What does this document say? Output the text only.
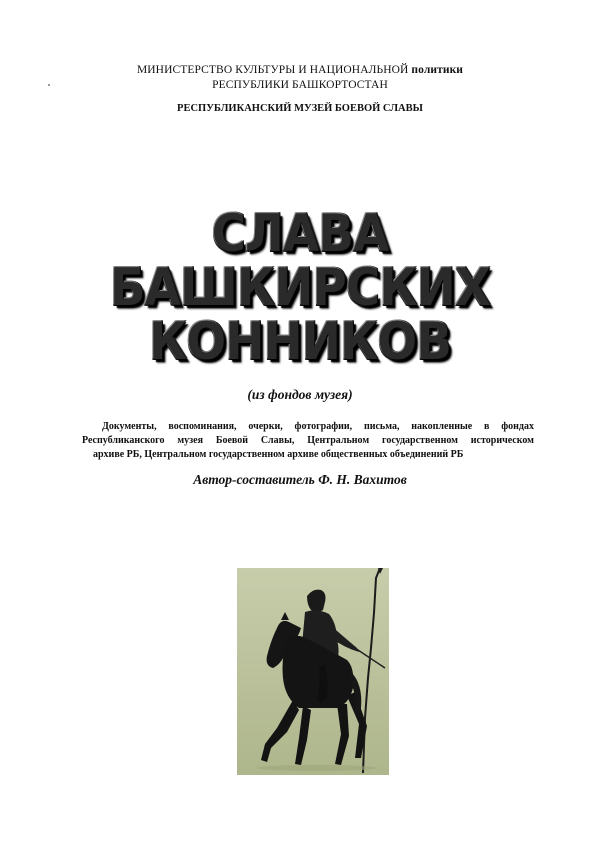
МИНИСТЕРСТВО КУЛЬТУРЫ И НАЦИОНАЛЬНОЙ политики
РЕСПУБЛИКИ БАШКОРТОСТАН
РЕСПУБЛИКАНСКИЙ МУЗЕЙ БОЕВОЙ СЛАВЫ
СЛАВА
БАШКИРСКИХ
КОННИКОВ
(из фондов музея)
Документы, воспоминания, очерки, фотографии, письма, накопленные в фондах
Республиканского музея Боевой Славы, Центральном государственном историческом
архиве РБ, Центральном государственном архиве общественных объединений РБ
Автор-составитель Ф. Н. Вахитов
